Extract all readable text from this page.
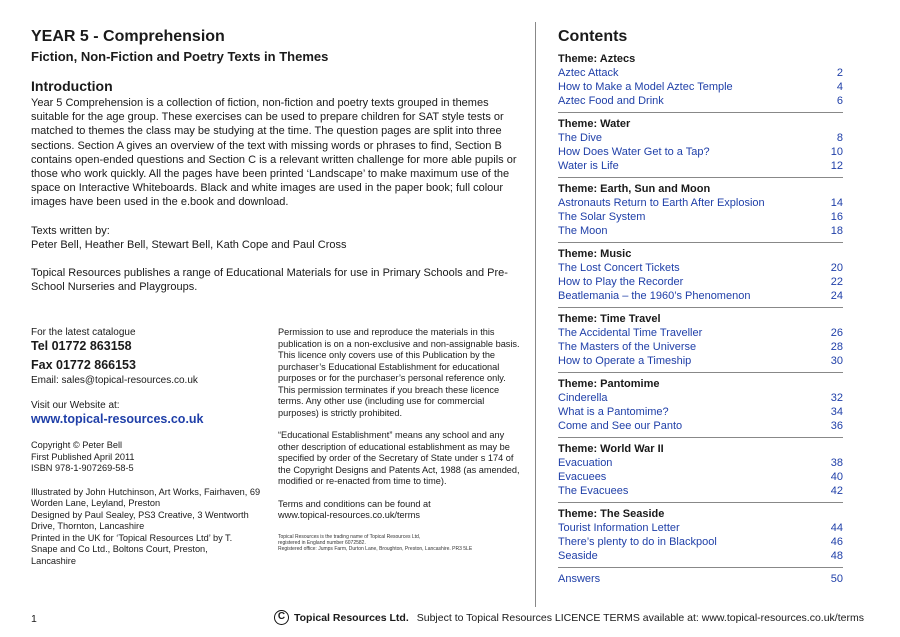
YEAR 5 - Comprehension
Fiction, Non-Fiction and Poetry Texts in Themes
Introduction
Year 5 Comprehension is a collection of fiction, non-fiction and poetry texts grouped in themes suitable for the age group. These exercises can be used to prepare children for SAT style tests or matched to themes the class may be studying at the time. The question pages are split into three sections. Section A gives an overview of the text with missing words or phrases to find, Section B contains open-ended questions and Section C is a relevant written challenge for more able pupils or those who work quickly. All the pages have been printed ‘Landscape’ to make maximum use of the space on Interactive Whiteboards. Black and white images are used in the paper book; full colour images have been used in the e.book and download.
Texts written by:
Peter Bell, Heather Bell, Stewart Bell, Kath Cope and Paul Cross
Topical Resources publishes a range of Educational Materials for use in Primary Schools and Pre-School Nurseries and Playgroups.
For the latest catalogue
Tel 01772 863158
Fax 01772 866153
Email: sales@topical-resources.co.uk
Visit our Website at:
www.topical-resources.co.uk
Copyright © Peter Bell
First Published April 2011
ISBN 978-1-907269-58-5
Illustrated by John Hutchinson, Art Works, Fairhaven, 69 Worden Lane, Leyland, Preston
Designed by Paul Sealey, PS3 Creative, 3 Wentworth Drive, Thornton, Lancashire
Printed in the UK for ‘Topical Resources Ltd’ by T. Snape and Co Ltd., Boltons Court, Preston, Lancashire
Permission to use and reproduce the materials in this publication is on a non-exclusive and non-assignable basis. This licence only covers use of this Publication by the purchaser’s Educational Establishment for educational purposes or for the purchaser’s personal reference only. This permission terminates if you breach these licence terms. Any other use (including use for commercial purposes) is strictly prohibited.
“Educational Establishment” means any school and any other description of educational establishment as may be specified by order of the Secretary of State under s 174 of the Copyright Designs and Patents Act, 1988 (as amended, modified or re-enacted from time to time).
Terms and conditions can be found at www.topical-resources.co.uk/terms
Topical Resources is the trading name of Topical Resources Ltd,
registered in England number 6072582.
Registered office: Jumps Farm, Durton Lane, Broughton, Preston, Lancashire. PR3 5LE
Contents
Theme: Aztecs
Aztec Attack	2
How to Make a Model Aztec Temple	4
Aztec Food and Drink	6
Theme: Water
The Dive	8
How Does Water Get to a Tap?	10
Water is Life	12
Theme: Earth, Sun and Moon
Astronauts Return to Earth After Explosion	14
The Solar System	16
The Moon	18
Theme: Music
The Lost Concert Tickets	20
How to Play the Recorder	22
Beatlemania – the 1960’s Phenomenon	24
Theme: Time Travel
The Accidental Time Traveller	26
The Masters of the Universe	28
How to Operate a Timeship	30
Theme: Pantomime
Cinderella	32
What is a Pantomime?	34
Come and See our Panto	36
Theme: World War II
Evacuation	38
Evacuees	40
The Evacuees	42
Theme: The Seaside
Tourist Information Letter	44
There’s plenty to do in Blackpool	46
Seaside	48
Answers	50
1	C Topical Resources Ltd. Subject to Topical Resources LICENCE TERMS available at: www.topical-resources.co.uk/terms
